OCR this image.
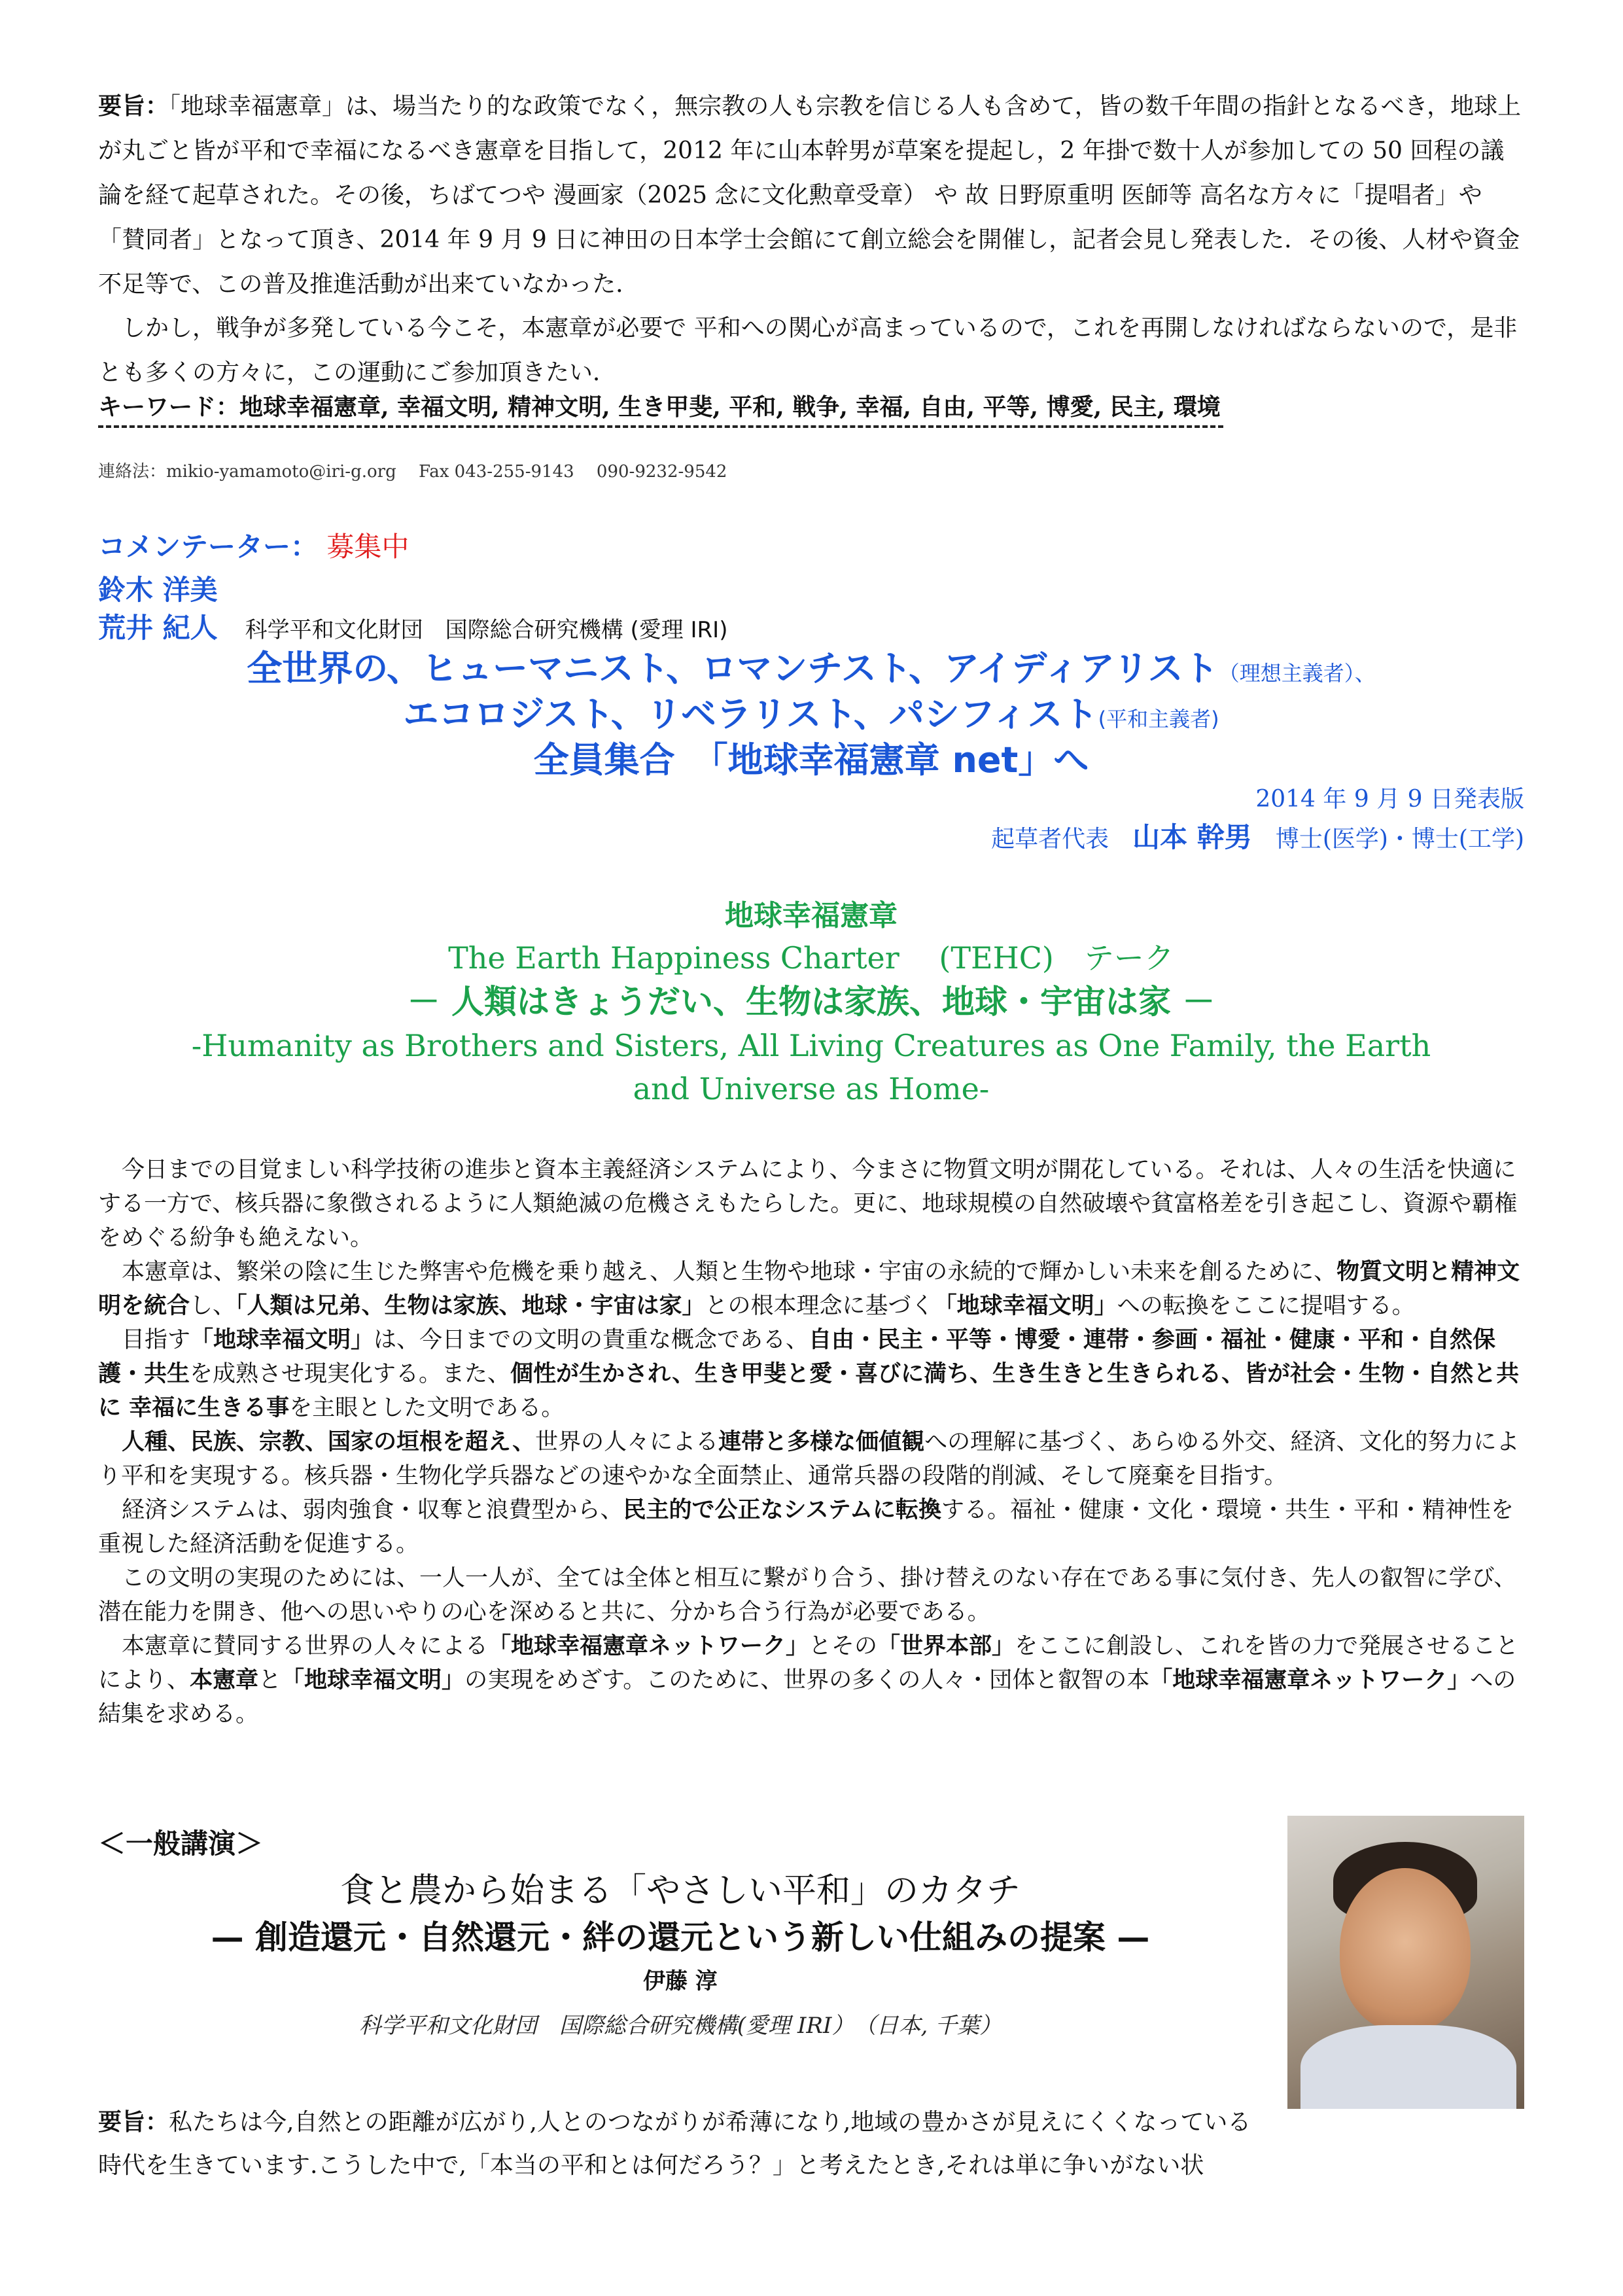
要旨：「地球幸福憲章」は、場当たり的な政策でなく，無宗教の人も宗教を信じる人も含めて，皆の数千年間の指針となるべき，地球上が丸ごと皆が平和で幸福になるべき憲章を目指して，2012 年に山本幹男が草案を提起し，2 年掛で数十人が参加しての 50 回程の議論を経て起草された。その後，ちばてつや 漫画家（2025 念に文化勲章受章） や 故 日野原重明 医師等 高名な方々に「提唱者」や「賛同者」となって頂き、2014 年 9 月 9 日に神田の日本学士会館にて創立総会を開催し，記者会見し発表した．その後、人材や資金不足等で、この普及推進活動が出来ていなかった．
しかし，戦争が多発している今こそ，本憲章が必要で 平和への関心が高まっているので，これを再開しなければならないので，是非とも多くの方々に，この運動にご参加頂きたい．
キーワード：地球幸福憲章, 幸福文明, 精神文明, 生き甲斐, 平和, 戦争, 幸福, 自由, 平等, 博愛, 民主, 環境
連絡法：mikio-yamamoto@iri-g.org　 Fax 043-255-9143　 090-9232-9542
コメンテーター： 募集中
鈴木 洋美
荒井 紀人　 科学平和文化財団　国際総合研究機構 (愛理 IRI)
全世界の、ヒューマニスト、ロマンチスト、アイディアリスト（理想主義者）、
エコロジスト、リベラリスト、パシフィスト(平和主義者)
全員集合　「地球幸福憲章 net」へ
2014 年 9 月 9 日発表版
起草者代表　 山本 幹男　 博士(医学)・博士(工学)
地球幸福憲章
The Earth Happiness Charter　 (TEHC)　テーク
－ 人類はきょうだい、生物は家族、地球・宇宙は家 －
-Humanity as Brothers and Sisters, All Living Creatures as One Family, the Earth
and Universe as Home-

今日までの目覚ましい科学技術の進歩と資本主義経済システムにより、今まさに物質文明が開花している。それは、人々の生活を快適にする一方で、核兵器に象徴されるように人類絶滅の危機さえもたらした。更に、地球規模の自然破壊や貧富格差を引き起こし、資源や覇権をめぐる紛争も絶えない。

本憲章は、繁栄の陰に生じた弊害や危機を乗り越え、人類と生物や地球・宇宙の永続的で輝かしい未来を創るために、物質文明と精神文明を統合し、「人類は兄弟、生物は家族、地球・宇宙は家」との根本理念に基づく「地球幸福文明」への転換をここに提唱する。

目指す「地球幸福文明」は、今日までの文明の貴重な概念である、自由・民主・平等・博愛・連帯・参画・福祉・健康・平和・自然保護・共生を成熟させ現実化する。また、個性が生かされ、生き甲斐と愛・喜びに満ち、生き生きと生きられる、皆が社会・生物・自然と共に 幸福に生きる事を主眼とした文明である。

人種、民族、宗教、国家の垣根を超え、世界の人々による連帯と多様な価値観への理解に基づく、あらゆる外交、経済、文化的努力により平和を実現する。核兵器・生物化学兵器などの速やかな全面禁止、通常兵器の段階的削減、そして廃棄を目指す。

経済システムは、弱肉強食・収奪と浪費型から、民主的で公正なシステムに転換する。福祉・健康・文化・環境・共生・平和・精神性を重視した経済活動を促進する。

この文明の実現のためには、一人一人が、全ては全体と相互に繋がり合う、掛け替えのない存在である事に気付き、先人の叡智に学び、潜在能力を開き、他への思いやりの心を深めると共に、分かち合う行為が必要である。

本憲章に賛同する世界の人々による「地球幸福憲章ネットワーク」とその「世界本部」をここに創設し、これを皆の力で発展させることにより、本憲章と「地球幸福文明」の実現をめざす。このために、世界の多くの人々・団体と叡智の本「地球幸福憲章ネットワーク」への結集を求める。

＜一般講演＞
食と農から始まる「やさしい平和」のカタチ
— 創造還元・自然還元・絆の還元という新しい仕組みの提案 —
伊藤 淳
科学平和文化財団　国際総合研究機構(愛理 IRI）　（日本, 千葉）
要旨：私たちは今,自然との距離が広がり,人とのつながりが希薄になり,地域の豊かさが見えにくくなっている時代を生きています.こうした中で,「本当の平和とは何だろう？」と考えたとき,それは単に争いがない状
